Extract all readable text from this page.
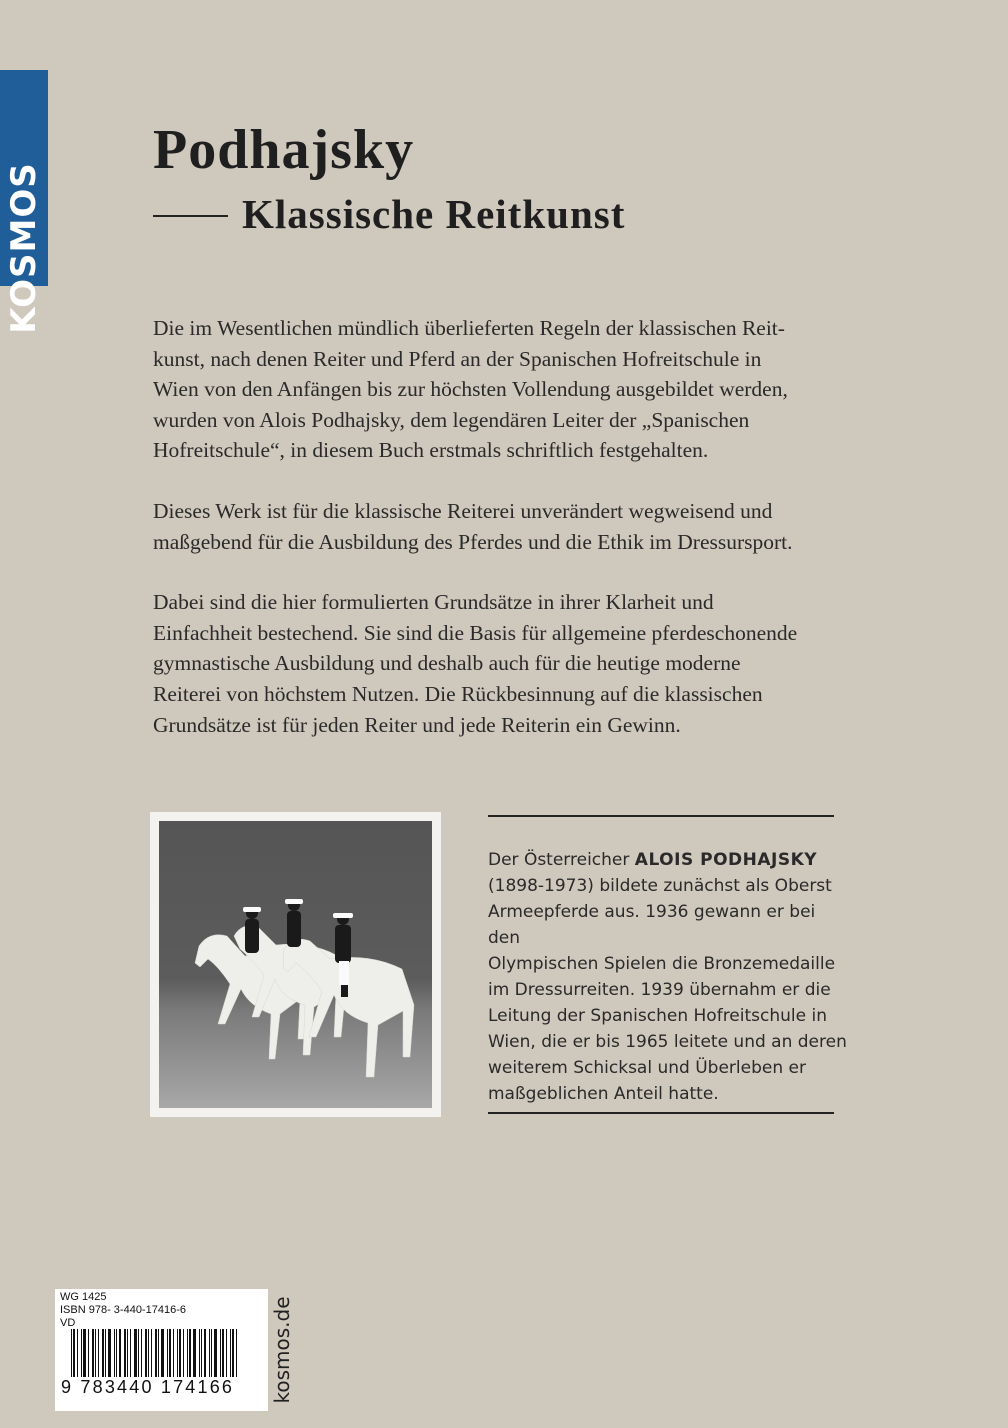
KOSMOS
Podhajsky
Klassische Reitkunst

Die im Wesentlichen mündlich überlieferten Regeln der klassischen Reit-
kunst, nach denen Reiter und Pferd an der Spanischen Hofreitschule in
Wien von den Anfängen bis zur höchsten Vollendung ausgebildet werden,
wurden von Alois Podhajsky, dem legendären Leiter der „Spanischen
Hofreitschule“, in diesem Buch erstmals schriftlich festgehalten.

Dieses Werk ist für die klassische Reiterei unverändert wegweisend und
maßgebend für die Ausbildung des Pferdes und die Ethik im Dressursport.

Dabei sind die hier formulierten Grundsätze in ihrer Klarheit und
Einfachheit bestechend. Sie sind die Basis für allgemeine pferdeschonende
gymnastische Ausbildung und deshalb auch für die heutige moderne
Reiterei von höchstem Nutzen. Die Rückbesinnung auf die klassischen
Grundsätze ist für jeden Reiter und jede Reiterin ein Gewinn.

Der Österreicher ALOIS PODHAJSKY
(1898-1973) bildete zunächst als Oberst
Armeepferde aus. 1936 gewann er bei den
Olympischen Spielen die Bronzemedaille
im Dressurreiten. 1939 übernahm er die
Leitung der Spanischen Hofreitschule in
Wien, die er bis 1965 leitete und an deren
weiterem Schicksal und Überleben er
maßgeblichen Anteil hatte.
WG 1425
ISBN 978- 3-440-17416-6
VD
9 783440 174166 kosmos.de
